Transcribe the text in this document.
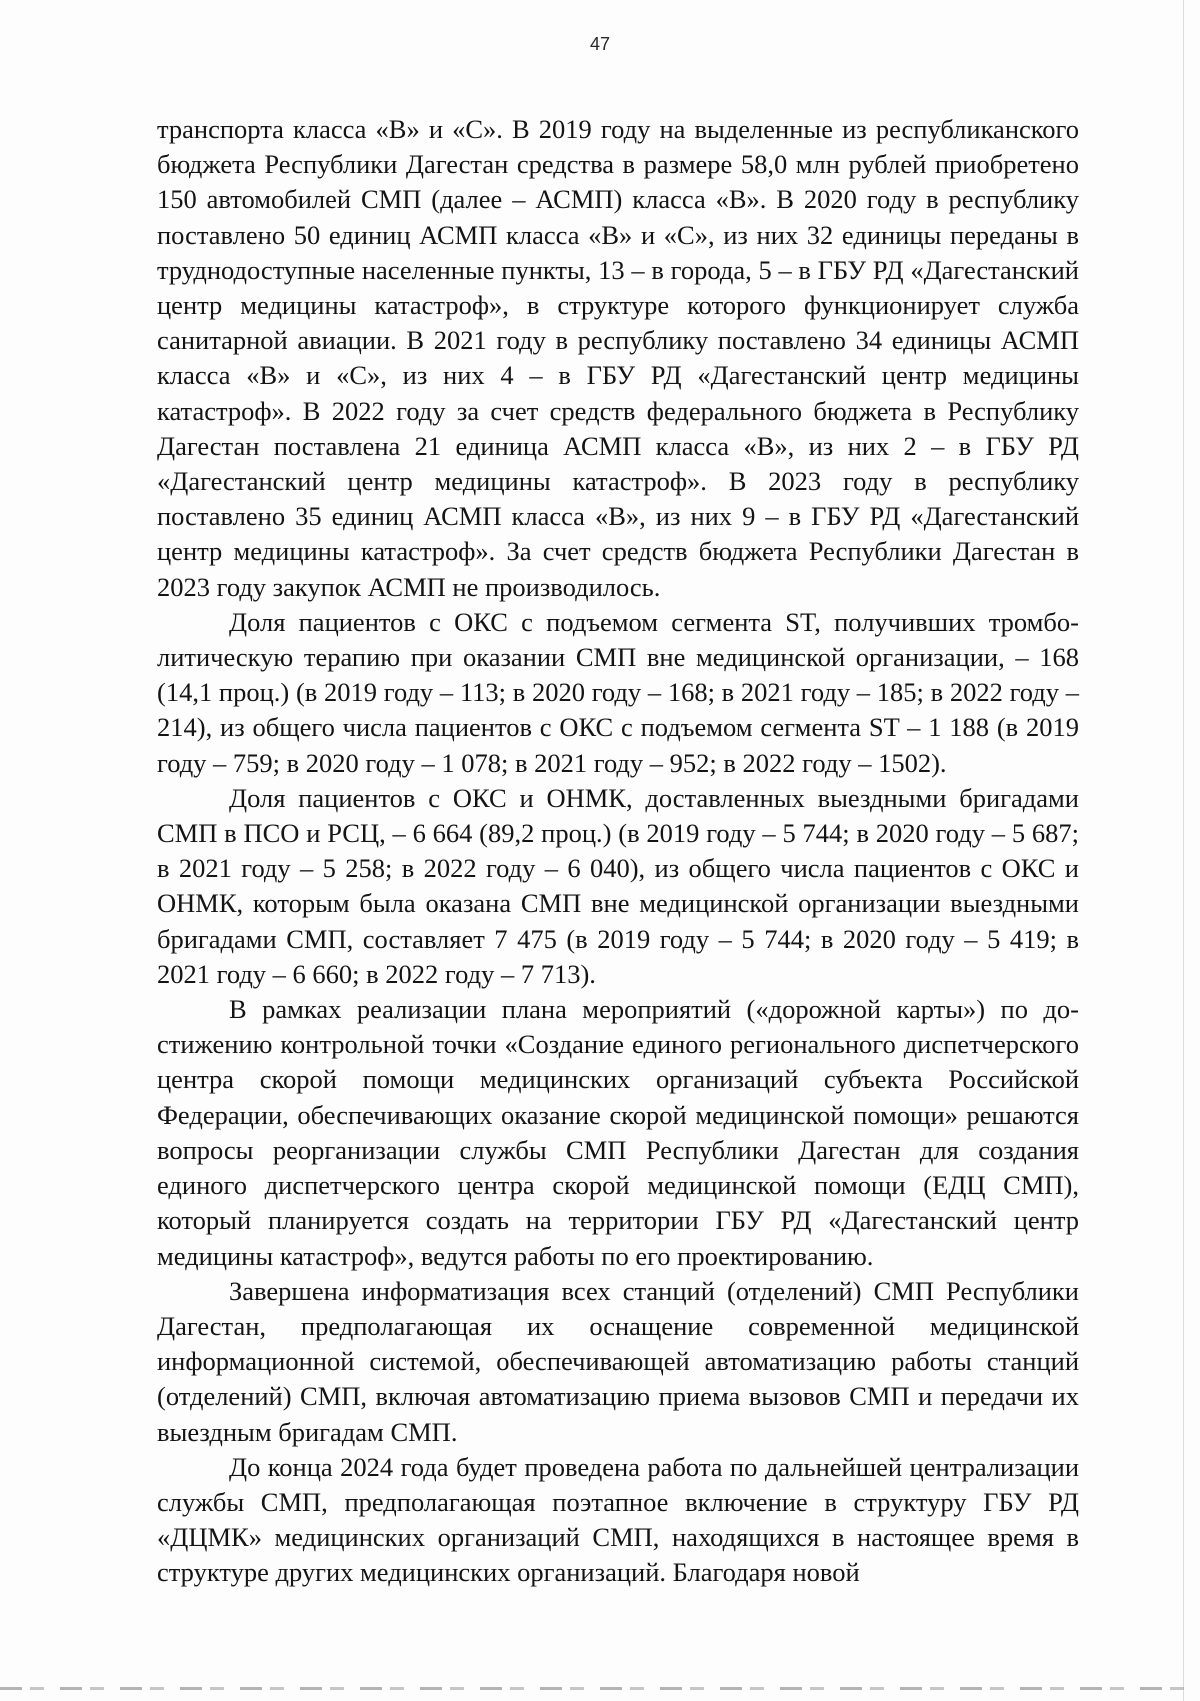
47

транспорта класса «В» и «С». В 2019 году на выделенные из республиканского бюджета Республики Дагестан средства в размере 58,0 млн рублей приобретено 150 автомобилей СМП (далее – АСМП) класса «В». В 2020 году в республику поставлено 50 единиц АСМП класса «В» и «С», из них 32 единицы переданы в труднодоступные населенные пункты, 13 – в города, 5 – в ГБУ РД «Дагестанский центр медицины катастроф», в структуре которого функционирует служба санитарной авиации. В 2021 году в республику поставлено 34 единицы АСМП класса «В» и «С», из них 4 – в ГБУ РД «Дагестанский центр медицины катастроф». В 2022 году за счет средств федерального бюджета в Республику Дагестан поставлена 21 единица АСМП класса «В», из них 2 – в ГБУ РД «Дагестанский центр медицины катастроф». В 2023 году в республику поставлено 35 единиц АСМП класса «В», из них 9 – в ГБУ РД «Дагестанский центр медицины катастроф». За счет средств бюджета Республики Дагестан в 2023 году закупок АСМП не производилось.

Доля пациентов с ОКС с подъемом сегмента ST, получивших тромболитическую терапию при оказании СМП вне медицинской организации, – 168 (14,1 проц.) (в 2019 году – 113; в 2020 году – 168; в 2021 году – 185; в 2022 году – 214), из общего числа пациентов с ОКС с подъемом сегмента ST – 1 188 (в 2019 году – 759; в 2020 году – 1 078; в 2021 году – 952; в 2022 году – 1502).

Доля пациентов с ОКС и ОНМК, доставленных выездными бригадами СМП в ПСО и РСЦ, – 6 664 (89,2 проц.) (в 2019 году – 5 744; в 2020 году – 5 687; в 2021 году – 5 258; в 2022 году – 6 040), из общего числа пациентов с ОКС и ОНМК, которым была оказана СМП вне медицинской организации выездными бригадами СМП, составляет 7 475 (в 2019 году – 5 744; в 2020 году – 5 419; в 2021 году – 6 660; в 2022 году – 7 713).

В рамках реализации плана мероприятий («дорожной карты») по достижению контрольной точки «Создание единого регионального диспетчерского центра скорой помощи медицинских организаций субъекта Российской Федерации, обеспечивающих оказание скорой медицинской помощи» решаются вопросы реорганизации службы СМП Республики Дагестан для создания единого диспетчерского центра скорой медицинской помощи (ЕДЦ СМП), который планируется создать на территории ГБУ РД «Дагестанский центр медицины катастроф», ведутся работы по его проектированию.

Завершена информатизация всех станций (отделений) СМП Республики Дагестан, предполагающая их оснащение современной медицинской информационной системой, обеспечивающей автоматизацию работы станций (отделений) СМП, включая автоматизацию приема вызовов СМП и передачи их выездным бригадам СМП.

До конца 2024 года будет проведена работа по дальнейшей централизации службы СМП, предполагающая поэтапное включение в структуру ГБУ РД «ДЦМК» медицинских организаций СМП, находящихся в настоящее время в структуре других медицинских организаций. Благодаря новой
